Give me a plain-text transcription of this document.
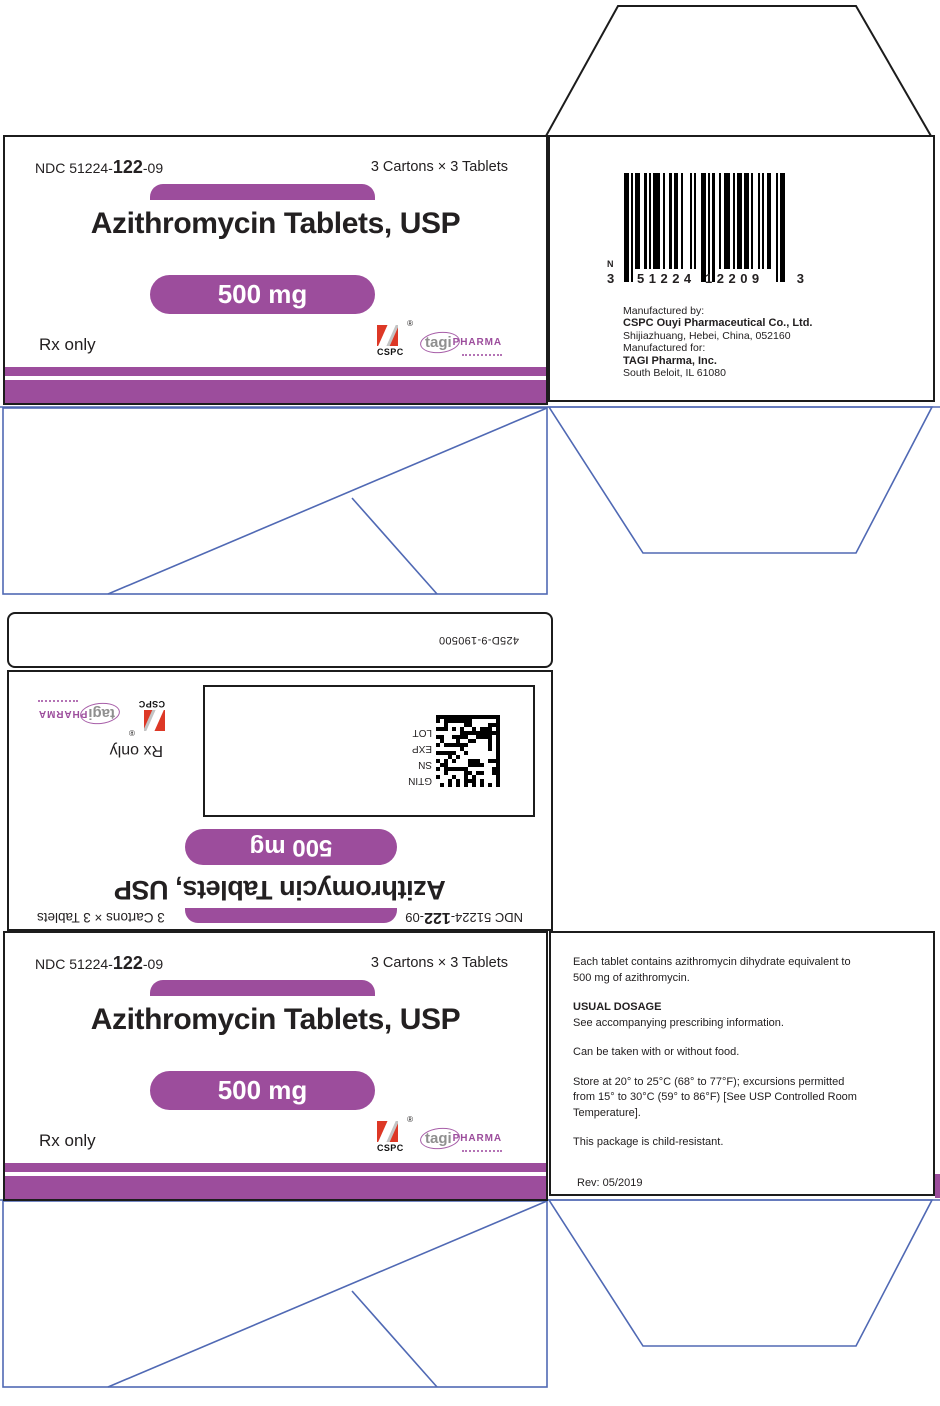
NDC 51224-122-09	3 Cartons × 3 Tablets
Azithromycin Tablets, USP
500 mg
Rx only
®
CSPC
tagi PHARMA
N
3 51224 12209	3
Manufactured by:
CSPC Ouyi Pharmaceutical Co., Ltd.
Shijiazhuang, Hebei, China, 052160
Manufactured for:
TAGI Pharma, Inc.
South Beloit, IL 61080
425D-9-190500
NDC 51224-122-09
3 Cartons × 3 Tablets
Azithromycin Tablets, USP
500 mg
GTIN
SN
EXP
LOT
Rx only
®
CSPC
tagi
PHARMA
NDC 51224-122-09	3 Cartons × 3 Tablets
Azithromycin Tablets, USP
500 mg
Rx only
®
CSPC
tagi PHARMA
Each tablet contains azithromycin dihydrate equivalent to
500 mg of azithromycin.
USUAL DOSAGE
See accompanying prescribing information.
Can be taken with or without food.
Store at 20° to 25°C (68° to 77°F); excursions permitted
from 15° to 30°C (59° to 86°F) [See USP Controlled Room
Temperature].
This package is child-resistant.
Rev: 05/2019
